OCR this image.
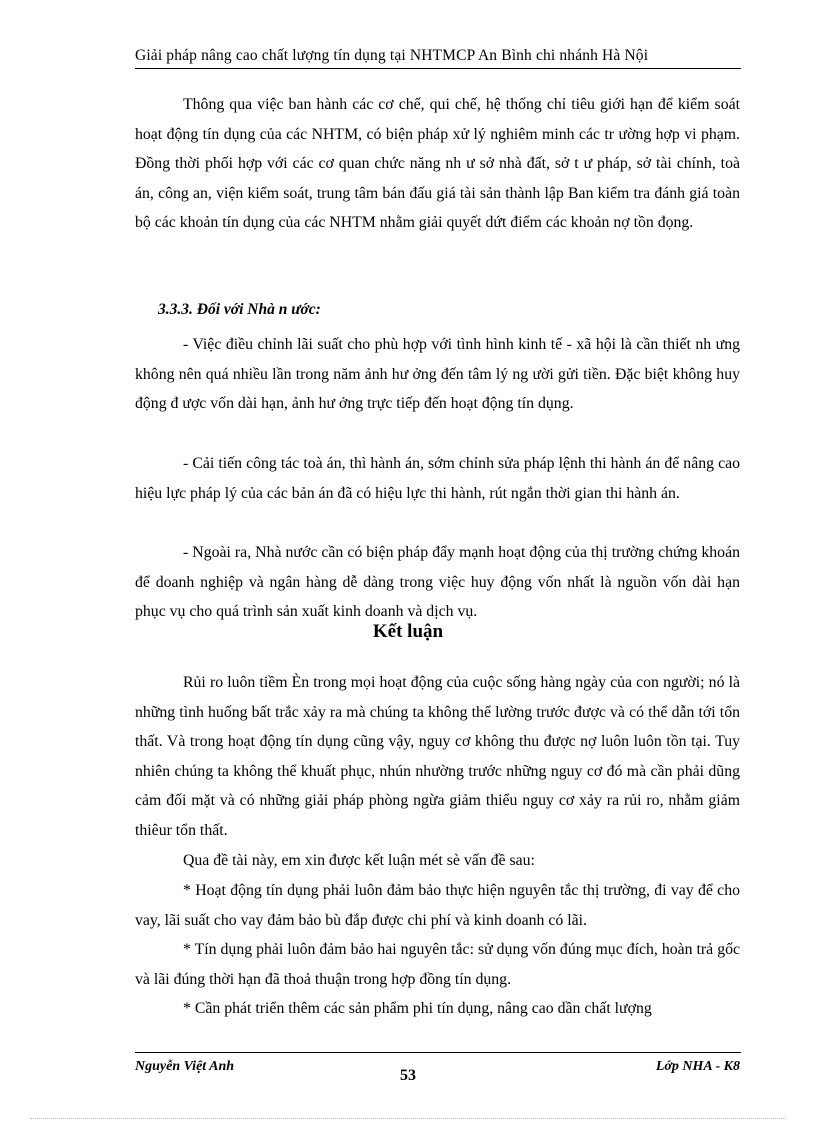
Giải pháp nâng cao chất lượng tín dụng tại NHTMCP An Bình chi nhánh Hà Nội

Thông qua việc ban hành các cơ chế, qui chế, hệ thống chỉ tiêu giới hạn để kiểm soát hoạt động tín dụng của các NHTM, có biện pháp xử lý nghiêm minh các tr ường hợp vi phạm. Đồng thời phối hợp với các cơ quan chức năng nh ư sở nhà đất, sở t ư pháp, sở tài chính, toà án, công an, viện kiểm soát, trung tâm bán đấu giá tài sản thành lập Ban kiểm tra đánh giá toàn bộ các khoản tín dụng của các NHTM nhằm giải quyết dứt điểm các khoản nợ tồn đọng.

3.3.3. Đối với Nhà n ước:

- Việc điều chỉnh lãi suất cho phù hợp với tình hình kinh tế - xã hội là cần thiết nh ưng không nên quá nhiều lần trong năm ảnh hư ởng đến tâm lý ng ười gửi tiền. Đặc biệt không huy động đ ược vốn dài hạn, ảnh hư ởng trực tiếp đến hoạt động tín dụng.

- Cải tiến công tác toà án, thì hành án, sớm chỉnh sửa pháp lệnh thi hành án để nâng cao hiệu lực pháp lý của các bản án đã có hiệu lực thi hành, rút ngắn thời gian thi hành án.

- Ngoài ra, Nhà nước cần có biện pháp đẩy mạnh hoạt động của thị trường chứng khoán để doanh nghiệp và ngân hàng dễ dàng trong việc huy động vốn nhất là nguồn vốn dài hạn phục vụ cho quá trình sản xuất kinh doanh và dịch vụ.

Kết luận

Rủi ro luôn tiềm Èn trong mọi hoạt động của cuộc sống hàng ngày của con người; nó là những tình huống bất trắc xảy ra mà chúng ta không thể lường trước được và có thể dẫn tới tổn thất. Và trong hoạt động tín dụng cũng vậy, nguy cơ không thu được nợ luôn luôn tồn tại. Tuy nhiên chúng ta không thể khuất phục, nhún nhường trước những nguy cơ đó mà cần phải dũng cảm đối mặt và có những giải pháp phòng ngừa giảm thiểu nguy cơ xảy ra rủi ro, nhằm giảm thiêur tổn thất.

Qua đề tài này, em xin được kết luận mét sè vấn đề sau:

* Hoạt động tín dụng phải luôn đảm bảo thực hiện nguyên tắc thị trường, đi vay để cho vay, lãi suất cho vay đảm bảo bù đắp được chi phí và kinh doanh có lãi.

* Tín dụng phải luôn đảm bảo hai nguyên tắc: sử dụng vốn đúng mục đích, hoàn trả gốc và lãi đúng thời hạn đã thoả thuận trong hợp đồng tín dụng.

* Cần phát triển thêm các sản phẩm phi tín dụng, nâng cao dần chất lượng

Nguyễn Việt Anh	Lớp NHA - K8
53
